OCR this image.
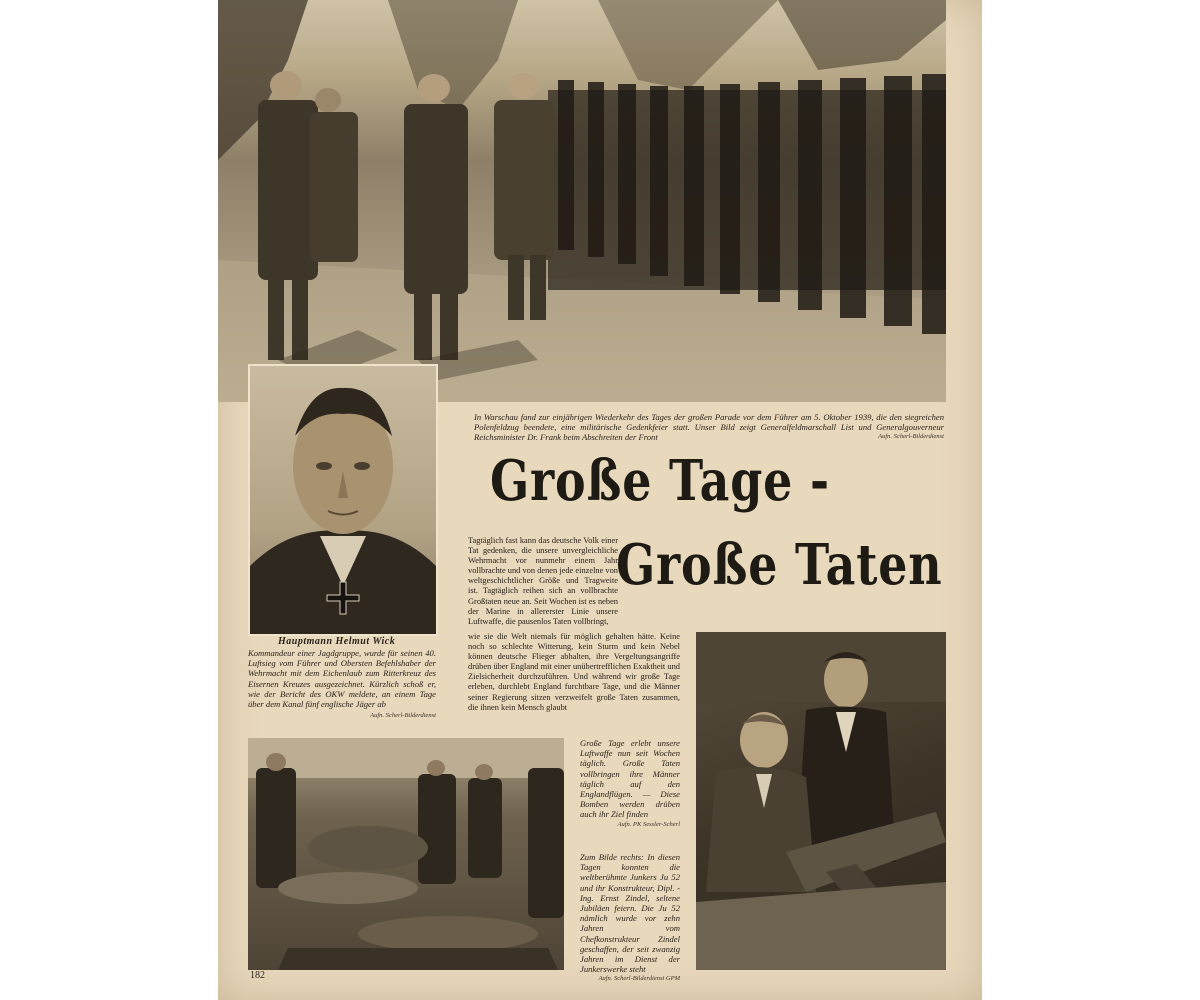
Hauptmann Helmut Wick
Kommandeur einer Jagdgruppe, wurde für seinen 40. Luftsieg vom Führer und Obersten Befehlshaber der Wehrmacht mit dem Eichenlaub zum Ritterkreuz des Eisernen Kreuzes ausgezeichnet. Kürzlich schoß er, wie der Bericht des OKW meldete, an einem Tage über dem Kanal fünf englische Jäger ab
Aufn. Scherl-Bilderdienst
In Warschau fand zur einjährigen Wiederkehr des Tages der großen Parade vor dem Führer am 5. Oktober 1939, die den siegreichen Polenfeldzug beendete, eine militärische Gedenkfeier statt. Unser Bild zeigt Generalfeldmarschall List und Generalgouverneur Reichsminister Dr. Frank beim Abschreiten der Front	Aufn. Scherl-Bilderdienst
Große Tage -
Große Taten
Tagtäglich fast kann das deutsche Volk einer Tat gedenken, die unsere unvergleichliche Wehrmacht vor nunmehr einem Jahr vollbrachte und von denen jede einzelne von weltgeschichtlicher Größe und Tragweite ist. Tagtäglich reihen sich an vollbrachte Großtaten neue an. Seit Wochen ist es neben der Marine in allererster Linie unsere Luftwaffe, die pausenlos Taten vollbringt,
wie sie die Welt niemals für möglich gehalten hätte. Keine noch so schlechte Witterung, kein Sturm und kein Nebel können deutsche Flieger abhalten, ihre Vergeltungsangriffe drüben über England mit einer unübertrefflichen Exaktheit und Zielsicherheit durchzuführen. Und während wir große Tage erleben, durchlebt England furchtbare Tage, und die Männer seiner Regierung sitzen verzweifelt große Taten zusammen, die ihnen kein Mensch glaubt
Große Tage erlebt unsere Luftwaffe nun seit Wochen täglich. Große Taten vollbringen ihre Männer täglich auf den Englandflügen. — Diese Bomben werden drüben auch ihr Ziel finden
Aufn. PK Sessler-Scherl
Zum Bilde rechts: In diesen Tagen konnten die weltberühmte Junkers Ju 52 und ihr Konstrukteur, Dipl. - Ing. Ernst Zindel, seltene Jubiläen feiern. Die Ju 52 nämlich wurde vor zehn Jahren vom Chefkonstrukteur Zindel geschaffen, der seit zwanzig Jahren im Dienst der Junkerswerke steht
Aufn. Scherl-Bilderdienst GPM
182
